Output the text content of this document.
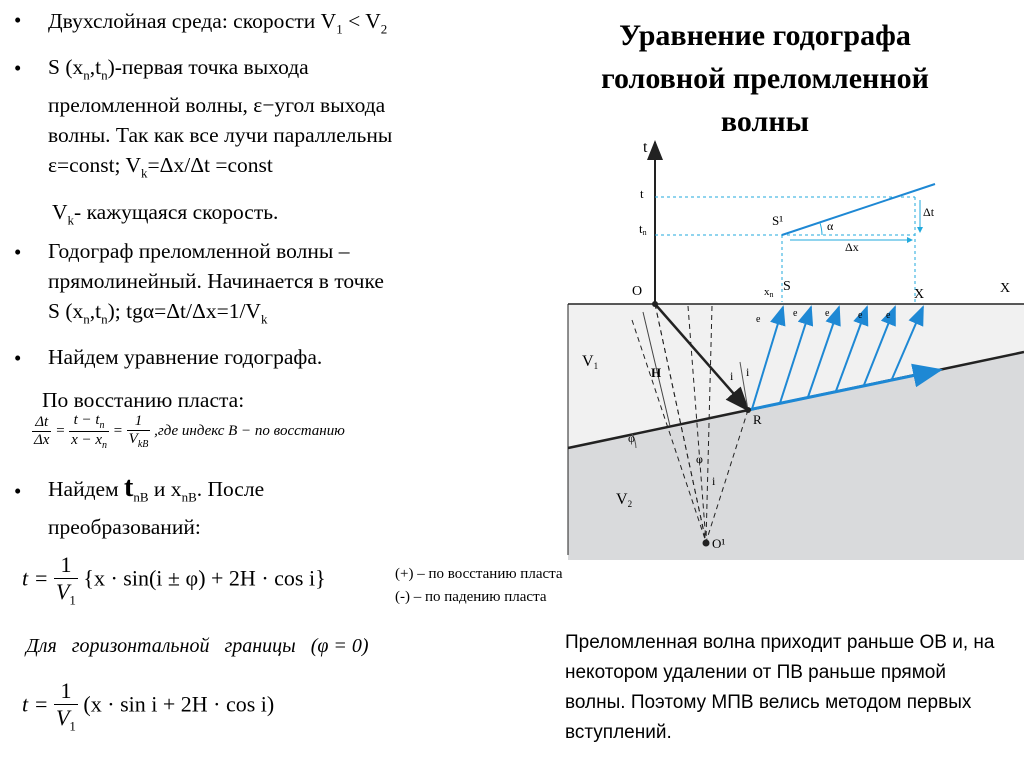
• Двухслойная среда: скорости $V_1 < V_2$
• S $(x_n,t_n)$-первая точка выхода
преломленной волны, ε−угол выхода
волны. Так как все лучи параллельны
ε=const; $V_k=\Delta x/\Delta t$ =const
$V_k-$ кажущаяся скорость.
• Годограф преломленной волны –
прямолинейный. Начинается в точке
S $(x_n,t_n)$; $tg\alpha=\Delta t/\Delta x=1/V_k$
• Найдем уравнение годографа.
По восстанию пласта:
$\frac{\Delta t}{\Delta x} = \frac{t - t_n}{x - x_n} = \frac{1}{V_{kB}} ,где$ индекс B − по восстанию
• Найдем $t_{nB}$ и $x_{nB}$. После
преобразований:
$t = \frac{1}{V_1} \{x \cdot \sin(i \pm \varphi) + 2H \cdot \cos i\}$	(+) – по восстанию пласта
(-) – по падению пласта
Для   горизонтальной   границы   (φ = 0)
$t = \frac{1}{V_1} (x \cdot \sin i + 2H \cdot \cos i)$
Уравнение годографа головной преломленной волны
Преломленная волна приходит раньше ОВ и, на некотором удалении от ПВ раньше прямой волны. Поэтому МПВ велись методом первых вступлений.
t
t
tn
S¹	α
Δt
Δx
O	xn
S
X	X
V1
V2
H	i i
R
e
e	e	e e
φ
φ
i
O¹
